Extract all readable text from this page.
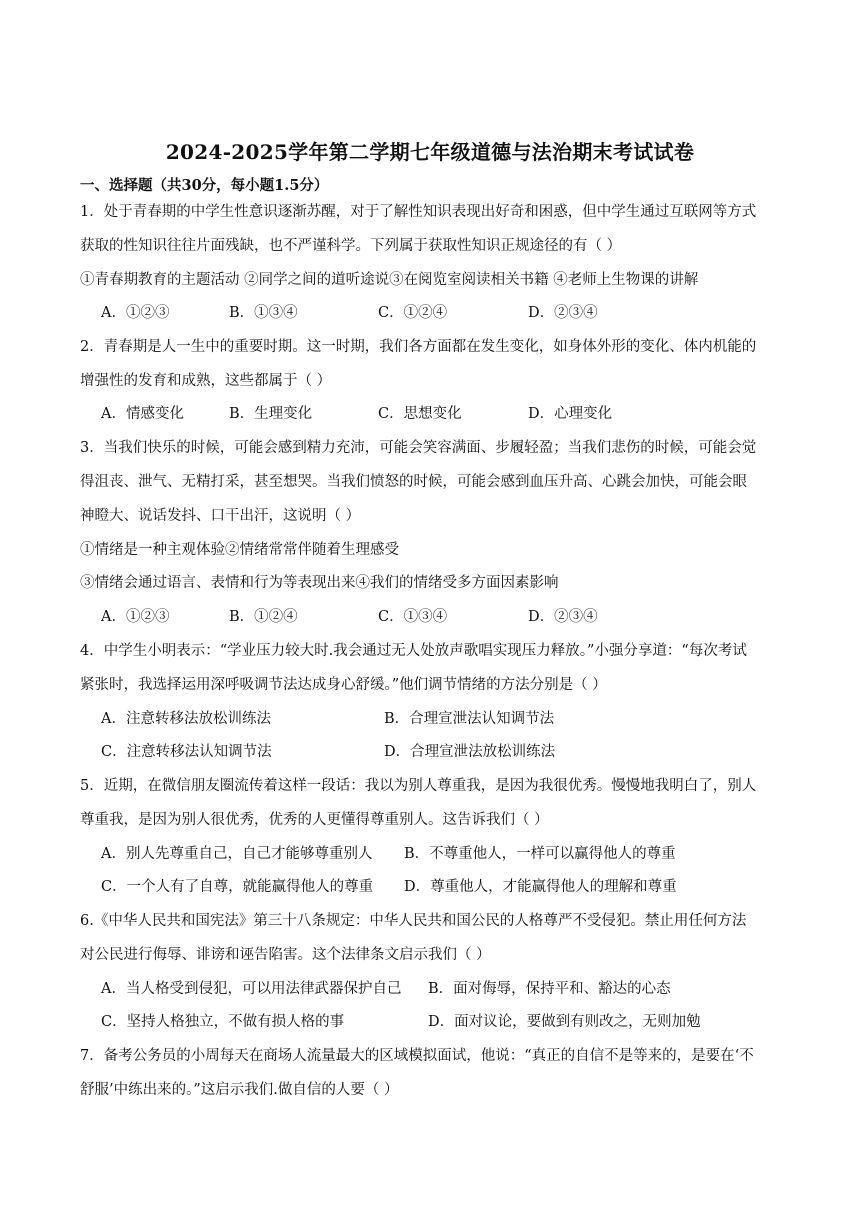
2024-2025学年第二学期七年级道德与法治期末考试试卷
一、选择题（共30分，每小题1.5分）
1．处于青春期的中学生性意识逐渐苏醒，对于了解性知识表现出好奇和困惑，但中学生通过互联网等方式
获取的性知识往往片面残缺，也不严谨科学。下列属于获取性知识正规途径的有（ ）
①青春期教育的主题活动 ②同学之间的道听途说③在阅览室阅读相关书籍 ④老师上生物课的讲解
A．①②③	B．①③④	C．①②④	D．②③④
2．青春期是人一生中的重要时期。这一时期，我们各方面都在发生变化，如身体外形的变化、体内机能的
增强性的发育和成熟，这些都属于（ ）
A．情感变化	B．生理变化	C．思想变化	D．心理变化
3．当我们快乐的时候，可能会感到精力充沛，可能会笑容满面、步履轻盈；当我们悲伤的时候，可能会觉
得沮丧、泄气、无精打采，甚至想哭。当我们愤怒的时候，可能会感到血压升高、心跳会加快，可能会眼
神瞪大、说话发抖、口干出汗，这说明（ ）
①情绪是一种主观体验②情绪常常伴随着生理感受
③情绪会通过语言、表情和行为等表现出来④我们的情绪受多方面因素影响
A．①②③	B．①②④	C．①③④	D．②③④
4．中学生小明表示：“学业压力较大时.我会通过无人处放声歌唱实现压力释放。”小强分享道：“每次考试
紧张时，我选择运用深呼吸调节法达成身心舒缓。”他们调节情绪的方法分别是（ ）
A．注意转移法放松训练法	B．合理宣泄法认知调节法
C．注意转移法认知调节法	D．合理宣泄法放松训练法
5．近期，在微信朋友圈流传着这样一段话：我以为别人尊重我，是因为我很优秀。慢慢地我明白了，别人
尊重我，是因为别人很优秀，优秀的人更懂得尊重别人。这告诉我们（ ）
A．别人先尊重自己，自己才能够尊重别人 B．不尊重他人，一样可以赢得他人的尊重
C．一个人有了自尊，就能赢得他人的尊重 D．尊重他人，才能赢得他人的理解和尊重
6.《中华人民共和国宪法》第三十八条规定：中华人民共和国公民的人格尊严不受侵犯。禁止用任何方法
对公民进行侮辱、诽谤和诬告陷害。这个法律条文启示我们（ ）
A．当人格受到侵犯，可以用法律武器保护自己 B．面对侮辱，保持平和、豁达的心态
C．坚持人格独立，不做有损人格的事	D．面对议论，要做到有则改之，无则加勉
7．备考公务员的小周每天在商场人流量最大的区域模拟面试，他说：“真正的自信不是等来的，是要在‘不
舒服’中练出来的。”这启示我们.做自信的人要（ ）
